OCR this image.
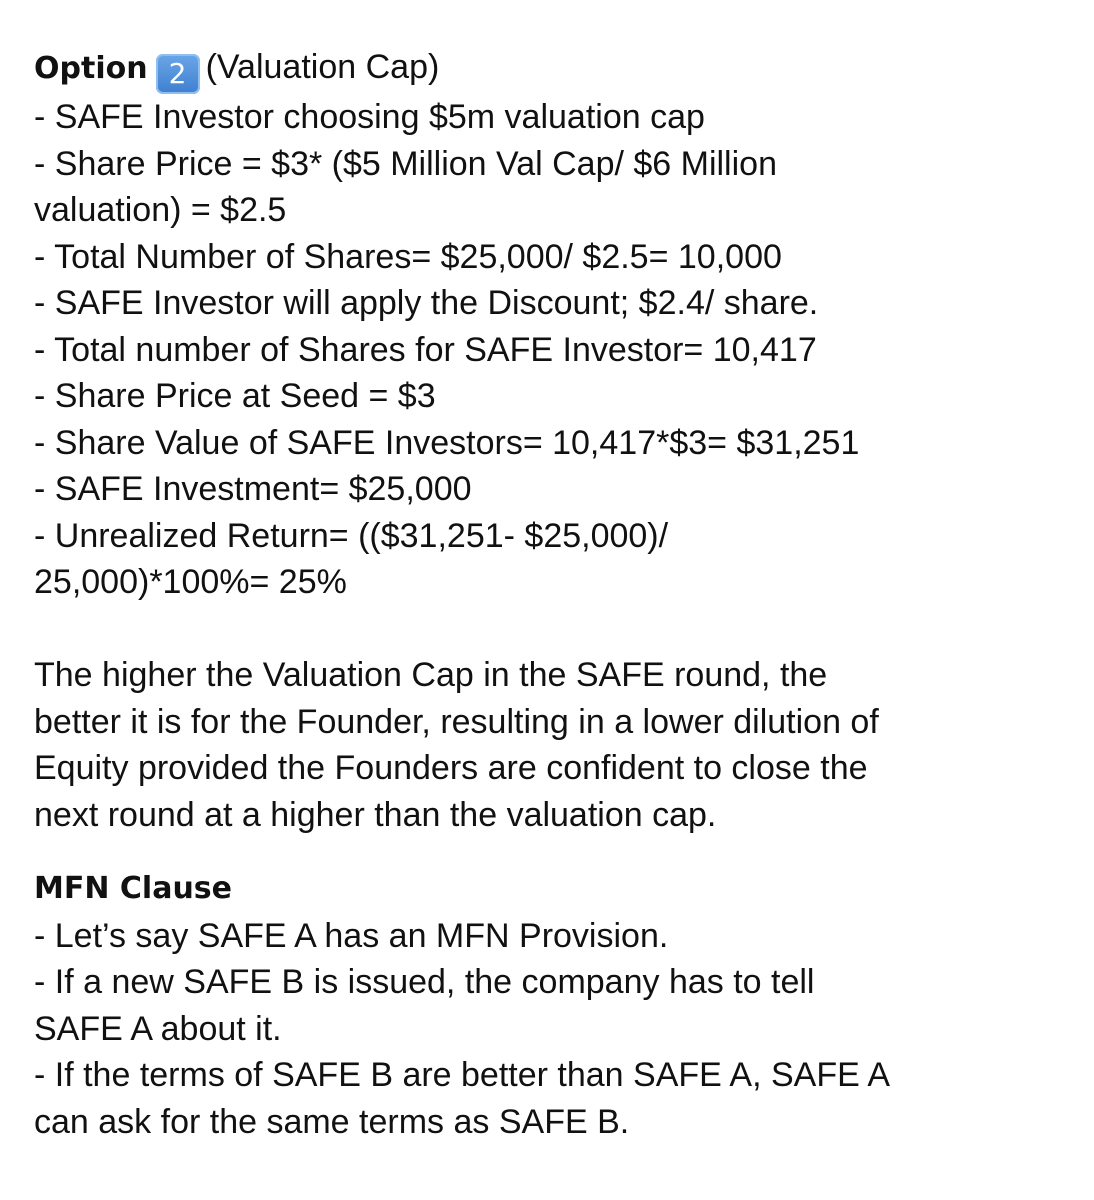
Option 2 (Valuation Cap)
- SAFE Investor choosing $5m valuation cap
- Share Price = $3* ($5 Million Val Cap/ $6 Million
valuation) = $2.5
- Total Number of Shares= $25,000/ $2.5= 10,000
- SAFE Investor will apply the Discount; $2.4/ share.
- Total number of Shares for SAFE Investor= 10,417
- Share Price at Seed = $3
- Share Value of SAFE Investors= 10,417*$3= $31,251
- SAFE Investment= $25,000
- Unrealized Return= (($31,251- $25,000)/
25,000)*100%= 25%
The higher the Valuation Cap in the SAFE round, the
better it is for the Founder, resulting in a lower dilution of
Equity provided the Founders are confident to close the
next round at a higher than the valuation cap.
MFN Clause
- Let’s say SAFE A has an MFN Provision.
- If a new SAFE B is issued, the company has to tell
SAFE A about it.
- If the terms of SAFE B are better than SAFE A, SAFE A
can ask for the same terms as SAFE B.
